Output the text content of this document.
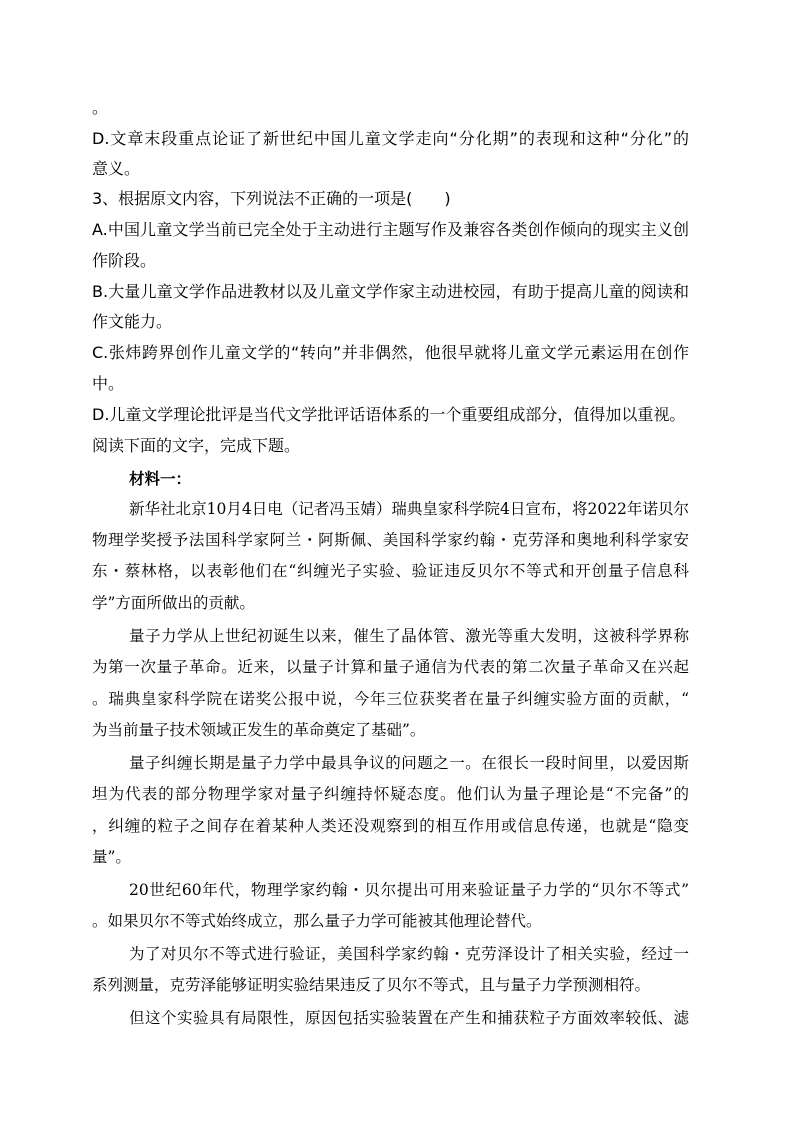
。
D.文章末段重点论证了新世纪中国儿童文学走向“分化期”的表现和这种“分化”的
意义。
3、根据原文内容，下列说法不正确的一项是(　　)
A.中国儿童文学当前已完全处于主动进行主题写作及兼容各类创作倾向的现实主义创
作阶段。
B.大量儿童文学作品进教材以及儿童文学作家主动进校园，有助于提高儿童的阅读和
作文能力。
C.张炜跨界创作儿童文学的“转向”并非偶然，他很早就将儿童文学元素运用在创作
中。
D.儿童文学理论批评是当代文学批评话语体系的一个重要组成部分，值得加以重视。
阅读下面的文字，完成下题。
材料一：
新华社北京10月4日电（记者冯玉婧）瑞典皇家科学院4日宣布，将2022年诺贝尔
物理学奖授予法国科学家阿兰・阿斯佩、美国科学家约翰・克劳泽和奥地利科学家安
东・蔡林格，以表彰他们在“纠缠光子实验、验证违反贝尔不等式和开创量子信息科
学”方面所做出的贡献。
量子力学从上世纪初诞生以来，催生了晶体管、激光等重大发明，这被科学界称
为第一次量子革命。近来，以量子计算和量子通信为代表的第二次量子革命又在兴起
。瑞典皇家科学院在诺奖公报中说，今年三位获奖者在量子纠缠实验方面的贡献，“
为当前量子技术领域正发生的革命奠定了基础”。
量子纠缠长期是量子力学中最具争议的问题之一。在很长一段时间里，以爱因斯
坦为代表的部分物理学家对量子纠缠持怀疑态度。他们认为量子理论是“不完备”的
，纠缠的粒子之间存在着某种人类还没观察到的相互作用或信息传递，也就是“隐变
量”。
20世纪60年代，物理学家约翰・贝尔提出可用来验证量子力学的“贝尔不等式”
。如果贝尔不等式始终成立，那么量子力学可能被其他理论替代。
为了对贝尔不等式进行验证，美国科学家约翰・克劳泽设计了相关实验，经过一
系列测量，克劳泽能够证明实验结果违反了贝尔不等式，且与量子力学预测相符。
但这个实验具有局限性，原因包括实验装置在产生和捕获粒子方面效率较低、滤
